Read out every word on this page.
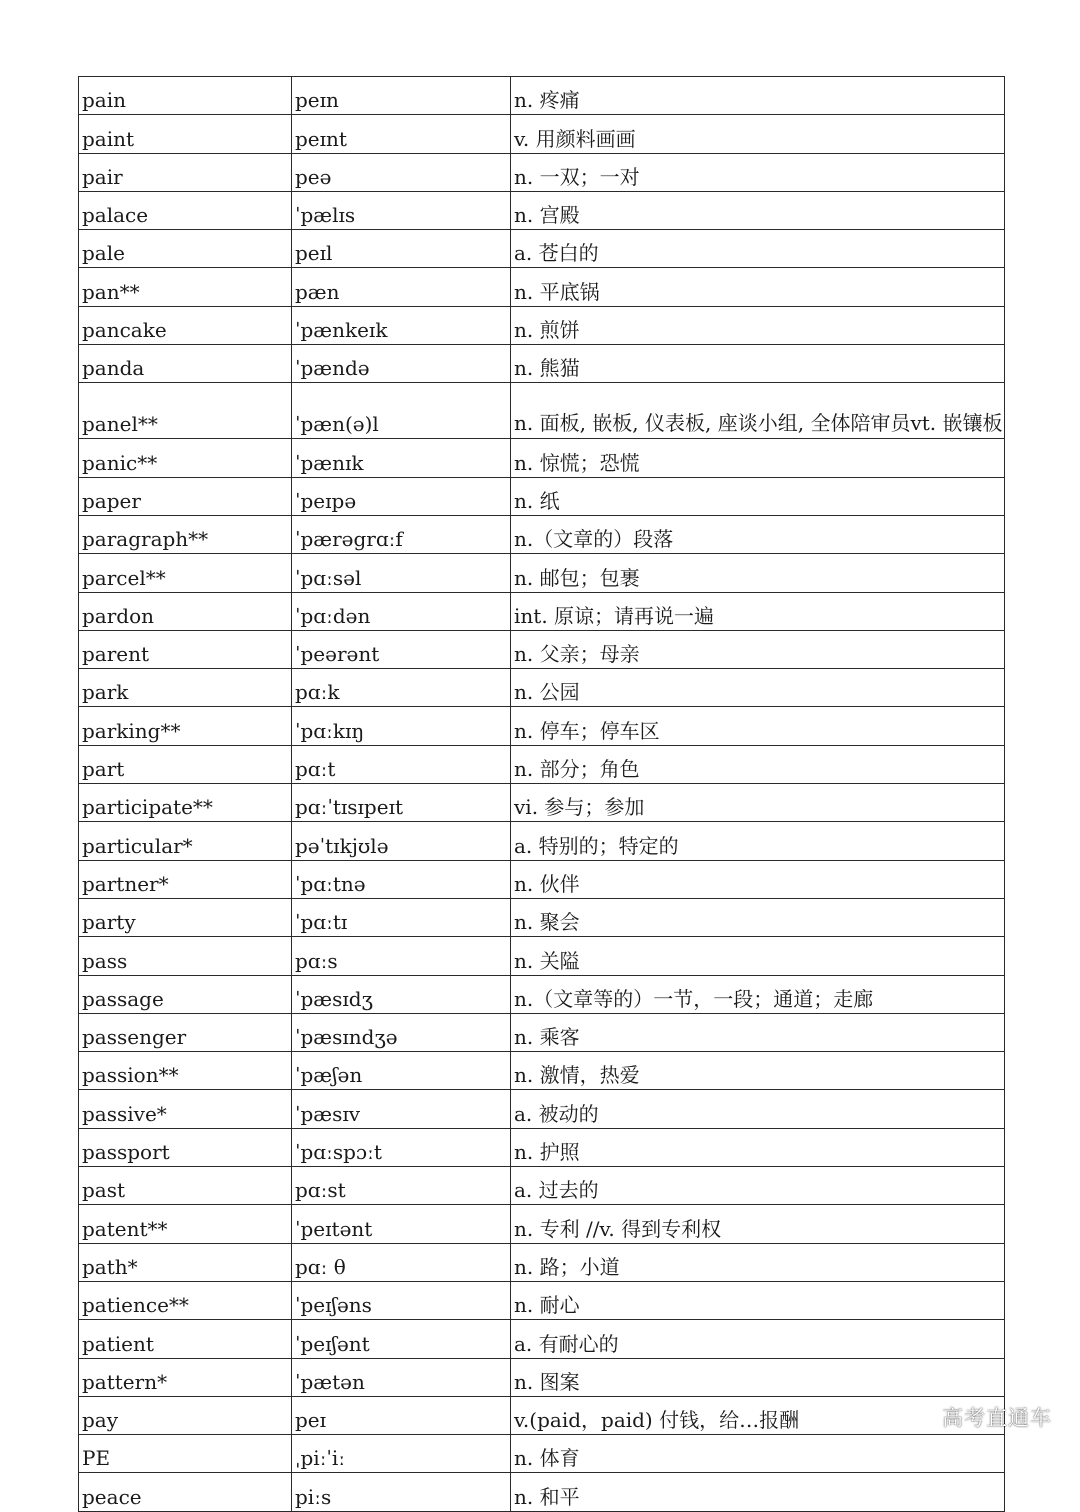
pain	peɪn	n. 疼痛
paint	peɪnt	v. 用颜料画画
pair	peə	n. 一双；一对
palace	ˈpælɪs	n. 宫殿
pale	peɪl	a. 苍白的
pan**	pæn	n. 平底锅
pancake	ˈpænkeɪk	n. 煎饼
panda	ˈpændə	n. 熊猫
panel**	ˈpæn(ə)l	n. 面板, 嵌板, 仪表板, 座谈小组, 全体陪审员vt. 嵌镶板
panic**	ˈpænɪk	n. 惊慌；恐慌
paper	ˈpeɪpə	n. 纸
paragraph**	ˈpærəgrɑːf	n.（文章的）段落
parcel**	ˈpɑːsəl	n. 邮包；包裹
pardon	ˈpɑːdən	int. 原谅；请再说一遍
parent	ˈpeərənt	n. 父亲；母亲
park	pɑːk	n. 公园
parking**	ˈpɑːkɪŋ	n. 停车；停车区
part	pɑːt	n. 部分；角色
participate**	pɑːˈtɪsɪpeɪt	vi. 参与；参加
particular*	pəˈtɪkjʊlə	a. 特别的；特定的
partner*	ˈpɑːtnə	n. 伙伴
party	ˈpɑːtɪ	n. 聚会
pass	pɑːs	n. 关隘
passage	ˈpæsɪdʒ	n.（文章等的）一节，一段；通道；走廊
passenger	ˈpæsɪndʒə	n. 乘客
passion**	ˈpæʃən	n. 激情，热爱
passive*	ˈpæsɪv	a. 被动的
passport	ˈpɑːspɔːt	n. 护照
past	pɑːst	a. 过去的
patent**	ˈpeɪtənt	n. 专利 //v. 得到专利权
path*	pɑː θ	n. 路；小道
patience**	ˈpeɪʃəns	n. 耐心
patient	ˈpeɪʃənt	a. 有耐心的
pattern*	ˈpætən	n. 图案
pay	peɪ	v.(paid，paid) 付钱，给…报酬
PE	ˌpiːˈiː	n. 体育
peace	piːs	n. 和平
高考直通车
